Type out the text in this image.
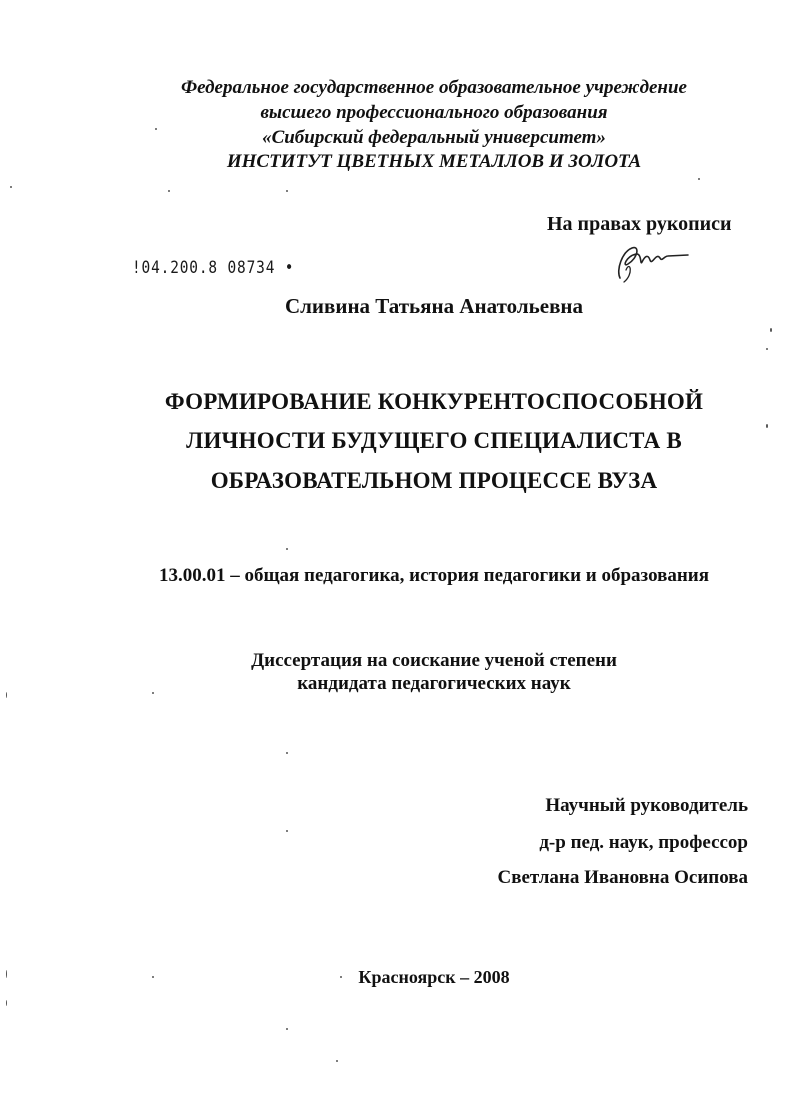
Федеральное государственное образовательное учреждение
высшего профессионального образования
«Сибирский федеральный университет»
ИНСТИТУТ ЦВЕТНЫХ МЕТАЛЛОВ И ЗОЛОТА
На правах рукописи
!04.200.8 08734 •
Сливина Татьяна Анатольевна
ФОРМИРОВАНИЕ КОНКУРЕНТОСПОСОБНОЙ
ЛИЧНОСТИ БУДУЩЕГО СПЕЦИАЛИСТА В
ОБРАЗОВАТЕЛЬНОМ ПРОЦЕССЕ ВУЗА
13.00.01 – общая педагогика, история педагогики и образования
Диссертация на соискание ученой степени
кандидата педагогических наук
Научный руководитель
д-р пед. наук, профессор
Светлана Ивановна Осипова
Красноярск – 2008
